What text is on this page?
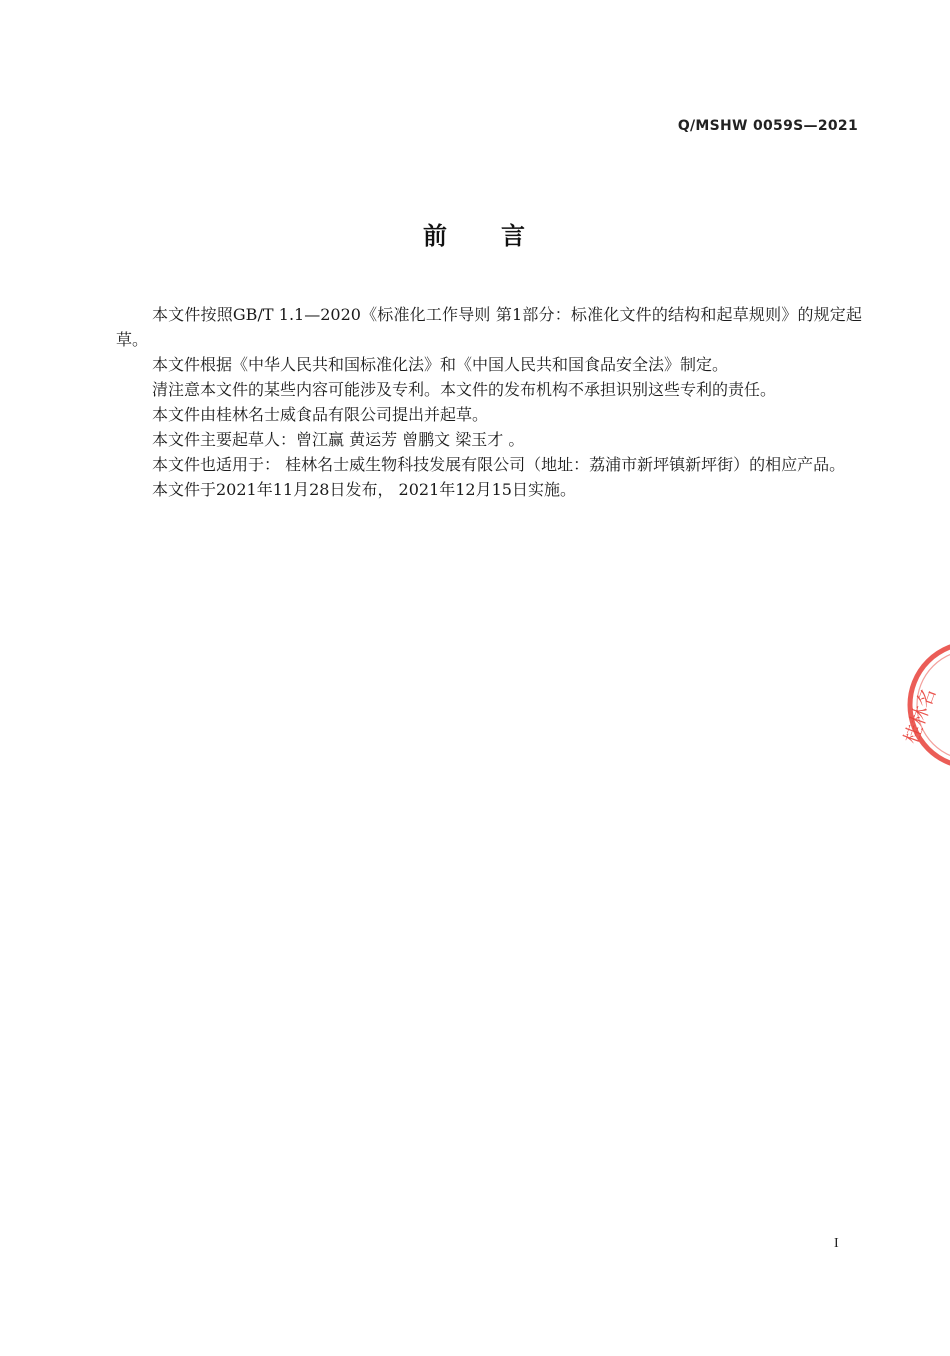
Q/MSHW 0059S—2021
前 言

本文件按照GB/T 1.1—2020《标准化工作导则 第1部分：标准化文件的结构和起草规则》的规定起草。

本文件根据《中华人民共和国标准化法》和《中国人民共和国食品安全法》制定。

清注意本文件的某些内容可能涉及专利。本文件的发布机构不承担识别这些专利的责任。

本文件由桂林名士威食品有限公司提出并起草。

本文件主要起草人：曾江赢 黄运芳 曾鹏文 梁玉才 。

本文件也适用于： 桂林名士威生物科技发展有限公司（地址：荔浦市新坪镇新坪街）的相应产品。

本文件于2021年11月28日发布， 2021年12月15日实施。

桂林名
I
